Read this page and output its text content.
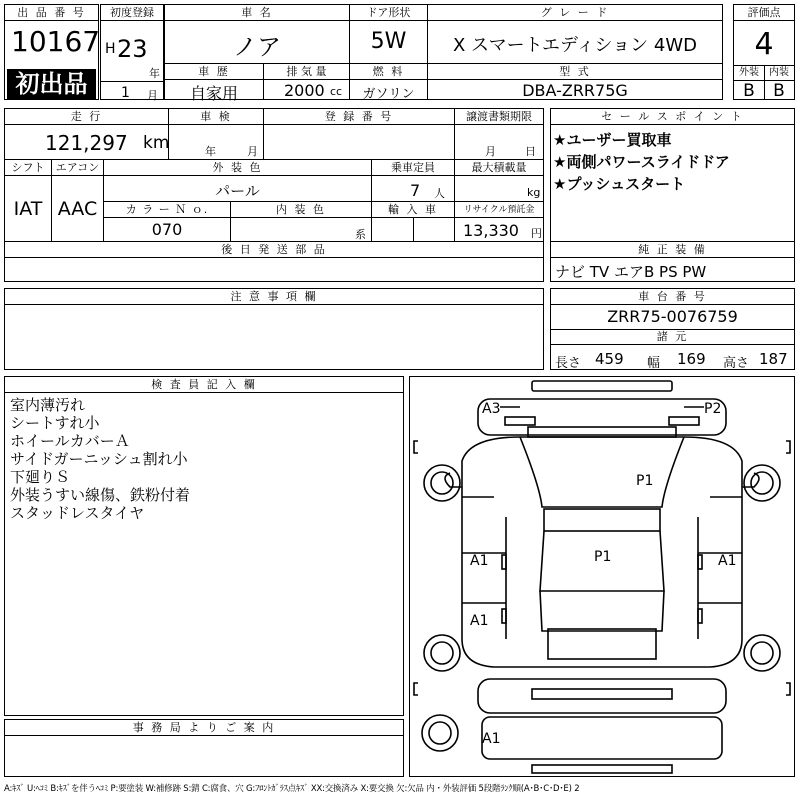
出 品 番 号
10167
初出品
初度登録
H 23
年
1 月
車 名
ノア
ドア形状
5W
グ レ ー ド
X スマートエディション 4WD
評価点
4
外装	内装
B	B
車 歴
自家用
排 気 量
2000 cc
燃 料
ガソリン
型 式
DBA-ZRR75G
走 行
121,297 km
車 検
年	月
登 録 番 号	譲渡書類期限
月	日
セ ー ル ス ポ イ ン ト
★ユーザー買取車
★両側パワースライドドア
★プッシュスタート
シフト
IAT
エアコン
AAC
外 装 色
パール
乗車定員
7 人
最大積載量
kg
カ ラ ー Ｎ ｏ.
070
内 装 色
系
輸 入 車	リサイクル預託金
13,330 円
後 日 発 送 部 品	純 正 装 備
ナビ TV エアB PS PW
注 意 事 項 欄	車 台 番 号
ZRR75-0076759
諸 元
長さ 459 幅 169 高さ 187
検 査 員 記 入 欄
室内薄汚れ
シートすれ小
ホイールカバーＡ
サイドガーニッシュ割れ小
下廻りＳ
外装うすい線傷、鉄粉付着
スタッドレスタイヤ
事 務 局 よ り ご 案 内
A3	P2
P1
P1
A1	A1
A1
A1
A:ｷｽﾞ U:ﾍｺﾐ B:ｷｽﾞを伴うﾍｺﾐ P:要塗装 W:補修跡 S:錆 C:腐食、穴 G:ﾌﾛﾝﾄｶﾞﾗｽ点ｷｽﾞ XX:交換済み X:要交換 欠:欠品 内・外装評価 5段階ﾗﾝｸ順(A･B･C･D･E) 2
